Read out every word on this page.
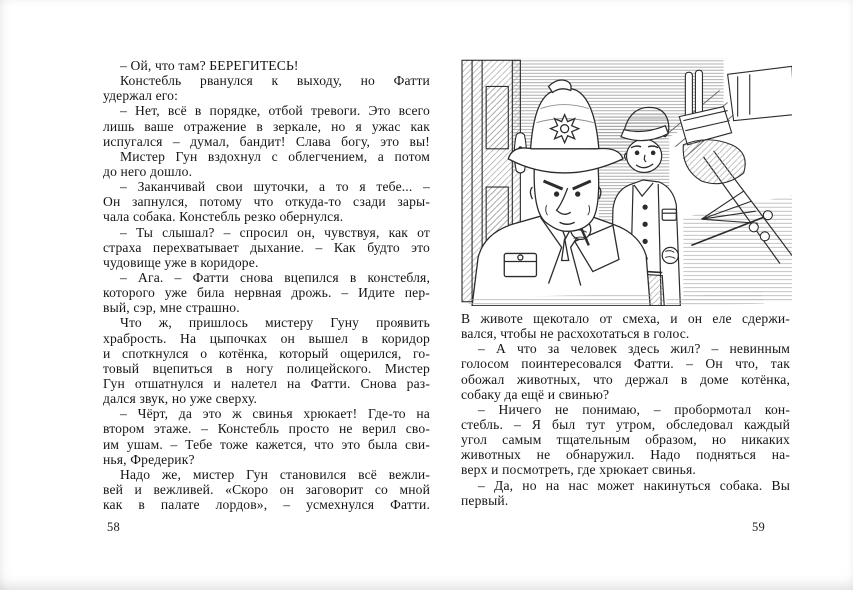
– Ой, что там? БЕРЕГИТЕСЬ!
Констебль рванулся к выходу, но Фатти
удержал его:
– Нет, всё в порядке, отбой тревоги. Это всего
лишь ваше отражение в зеркале, но я ужас как
испугался – думал, бандит! Слава богу, это вы!
Мистер Гун вздохнул с облегчением, а потом
до него дошло.
– Заканчивай свои шуточки, а то я тебе... –
Он запнулся, потому что откуда-то сзади зары-
чала собака. Констебль резко обернулся.
– Ты слышал? – спросил он, чувствуя, как от
страха перехватывает дыхание. – Как будто это
чудовище уже в коридоре.
– Ага. – Фатти снова вцепился в констебля,
которого уже била нервная дрожь. – Идите пер-
вый, сэр, мне страшно.
Что ж, пришлось мистеру Гуну проявить
храбрость. На цыпочках он вышел в коридор
и споткнулся о котёнка, который ощерился, го-
товый вцепиться в ногу полицейского. Мистер
Гун отшатнулся и налетел на Фатти. Снова раз-
дался звук, но уже сверху.
– Чёрт, да это ж свинья хрюкает! Где-то на
втором этаже. – Констебль просто не верил сво-
им ушам. – Тебе тоже кажется, что это была сви-
нья, Фредерик?
Надо же, мистер Гун становился всё вежли-
вей и вежливей. «Скоро он заговорит со мной
как в палате лордов», – усмехнулся Фатти.
58
В животе щекотало от смеха, и он еле сдержи-
вался, чтобы не расхохотаться в голос.
– А что за человек здесь жил? – невинным
голосом поинтересовался Фатти. – Он что, так
обожал животных, что держал в доме котёнка,
собаку да ещё и свинью?
– Ничего не понимаю, – пробормотал кон-
стебль. – Я был тут утром, обследовал каждый
угол самым тщательным образом, но никаких
животных не обнаружил. Надо подняться на-
верх и посмотреть, где хрюкает свинья.
– Да, но на нас может накинуться собака. Вы
первый.
59
